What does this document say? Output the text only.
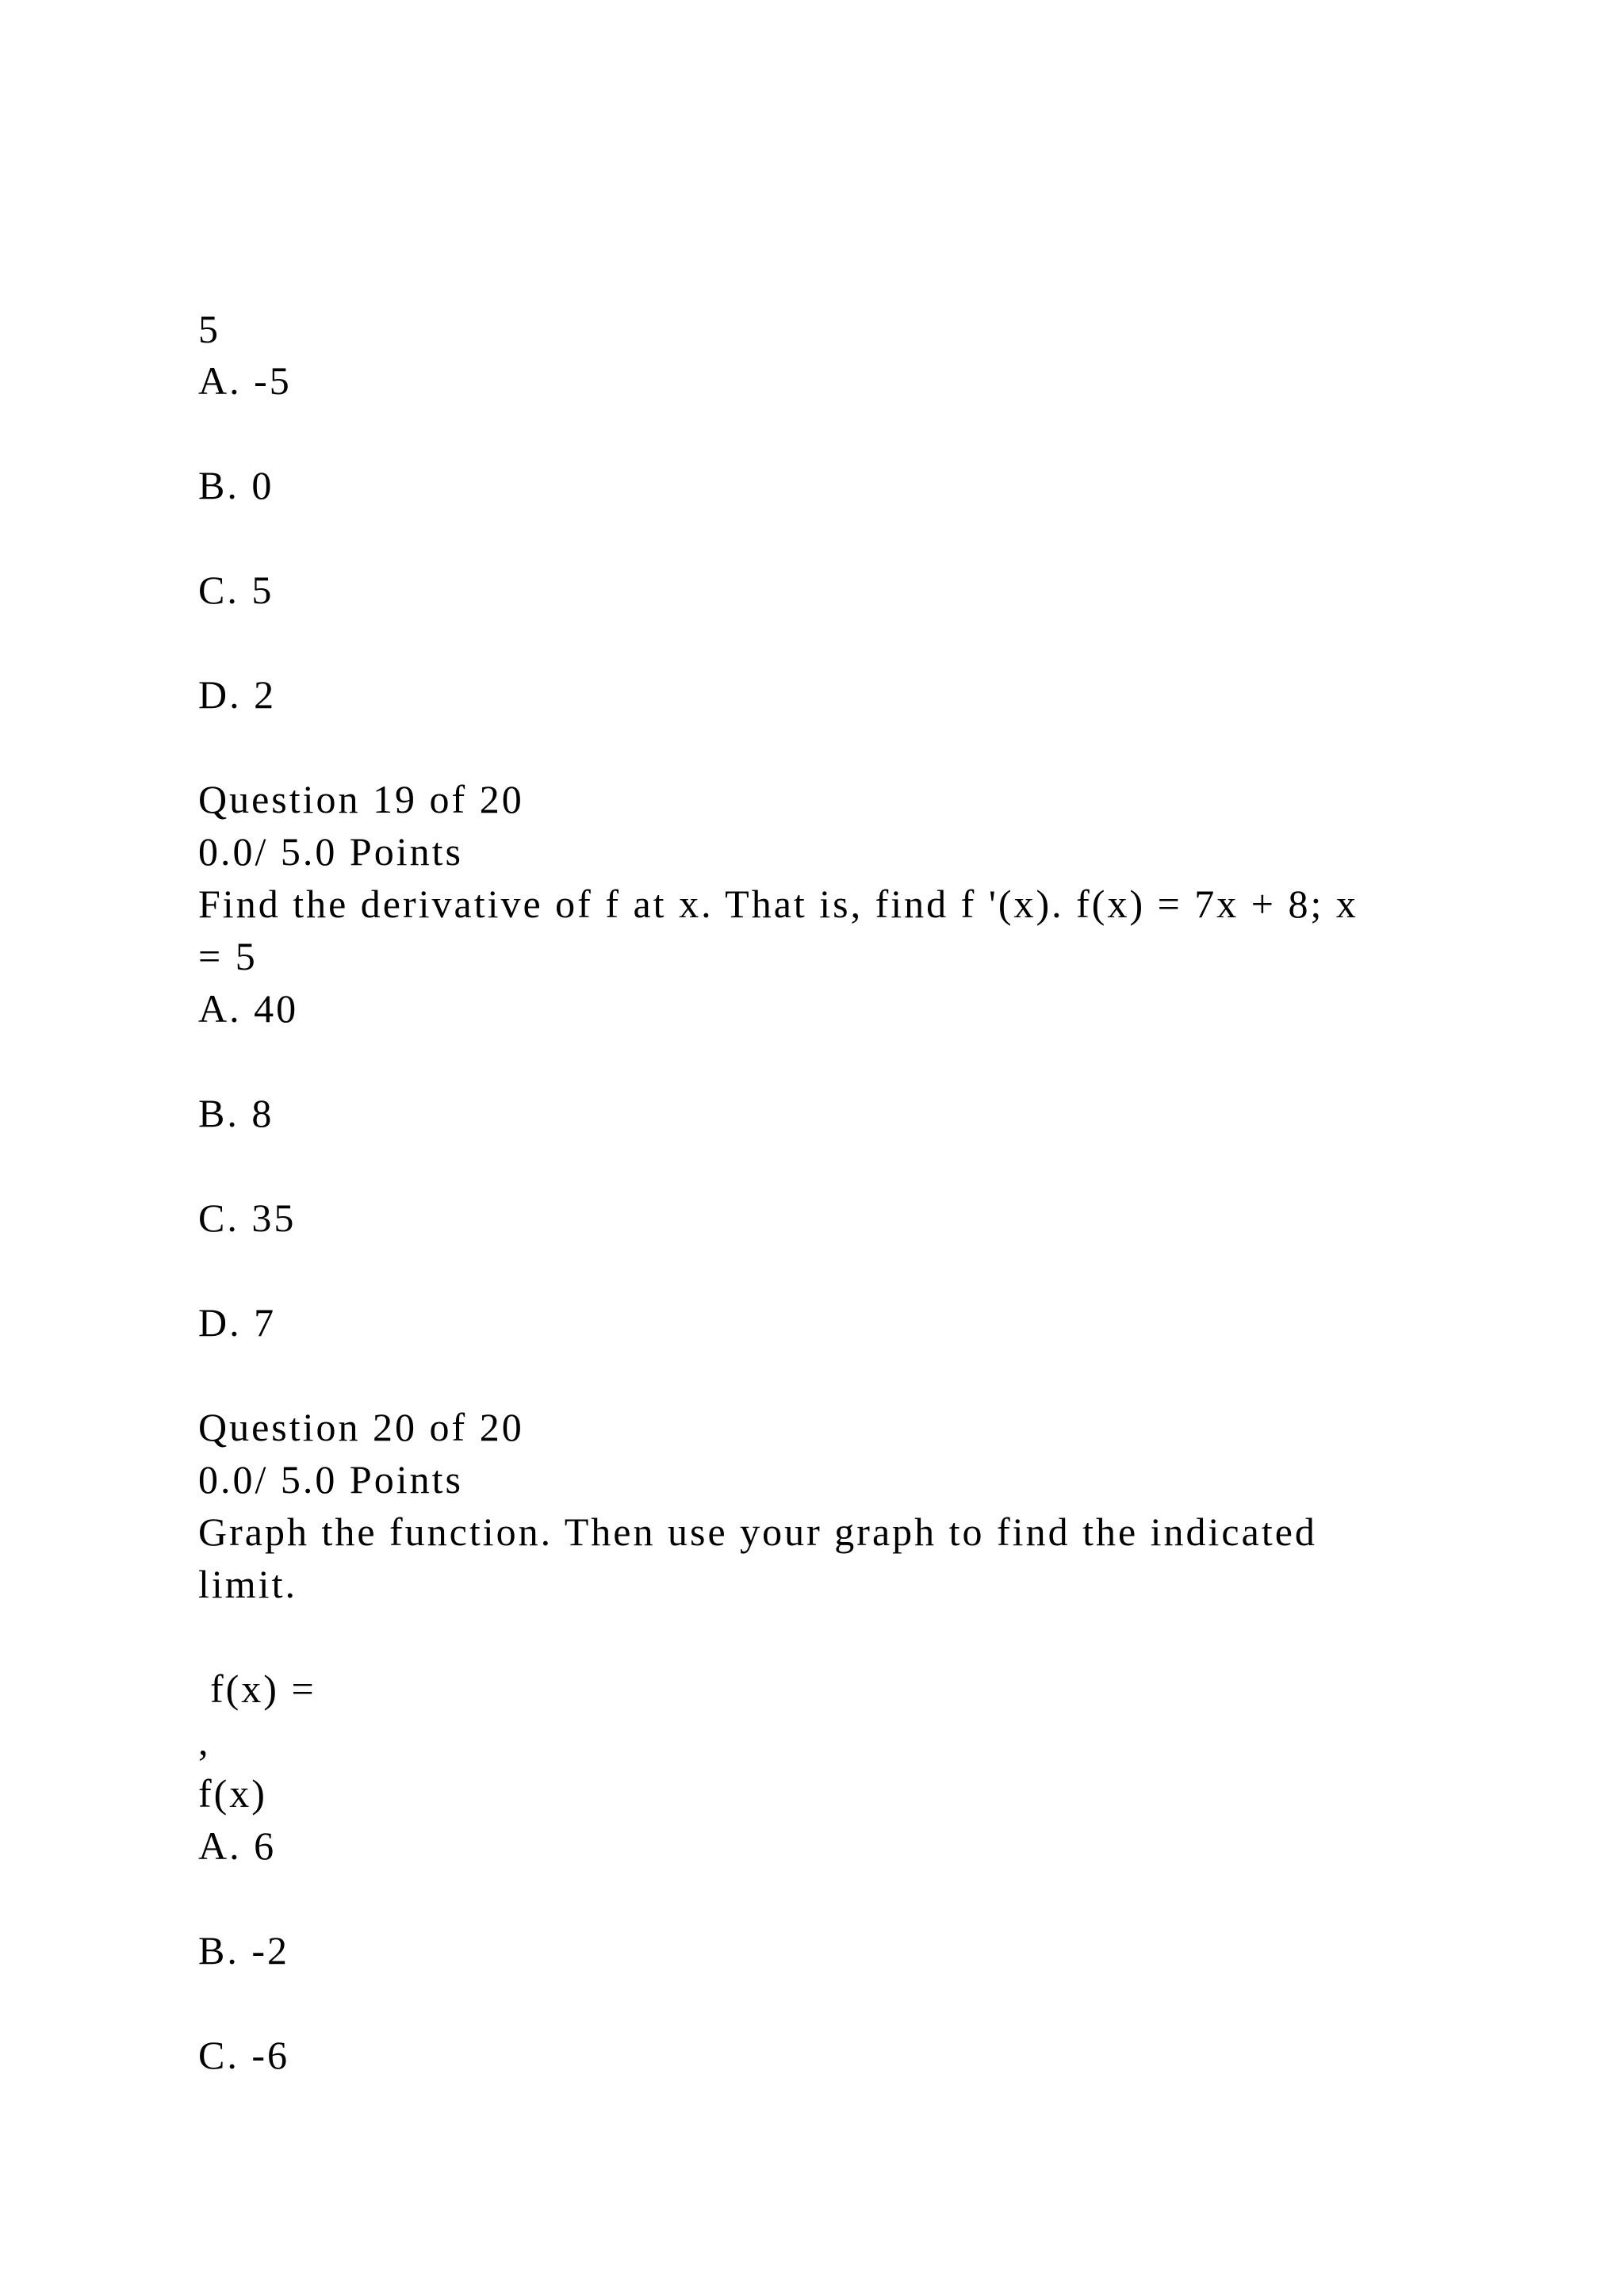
5
A. -5
B. 0
C. 5
D. 2
Question 19 of 20
0.0/ 5.0 Points
Find the derivative of f at x. That is, find f '(x). f(x) = 7x + 8; x
= 5
A. 40
B. 8
C. 35
D. 7
Question 20 of 20
0.0/ 5.0 Points
Graph the function. Then use your graph to find the indicated
limit.
f(x) =
,
f(x)
A. 6
B. -2
C. -6
